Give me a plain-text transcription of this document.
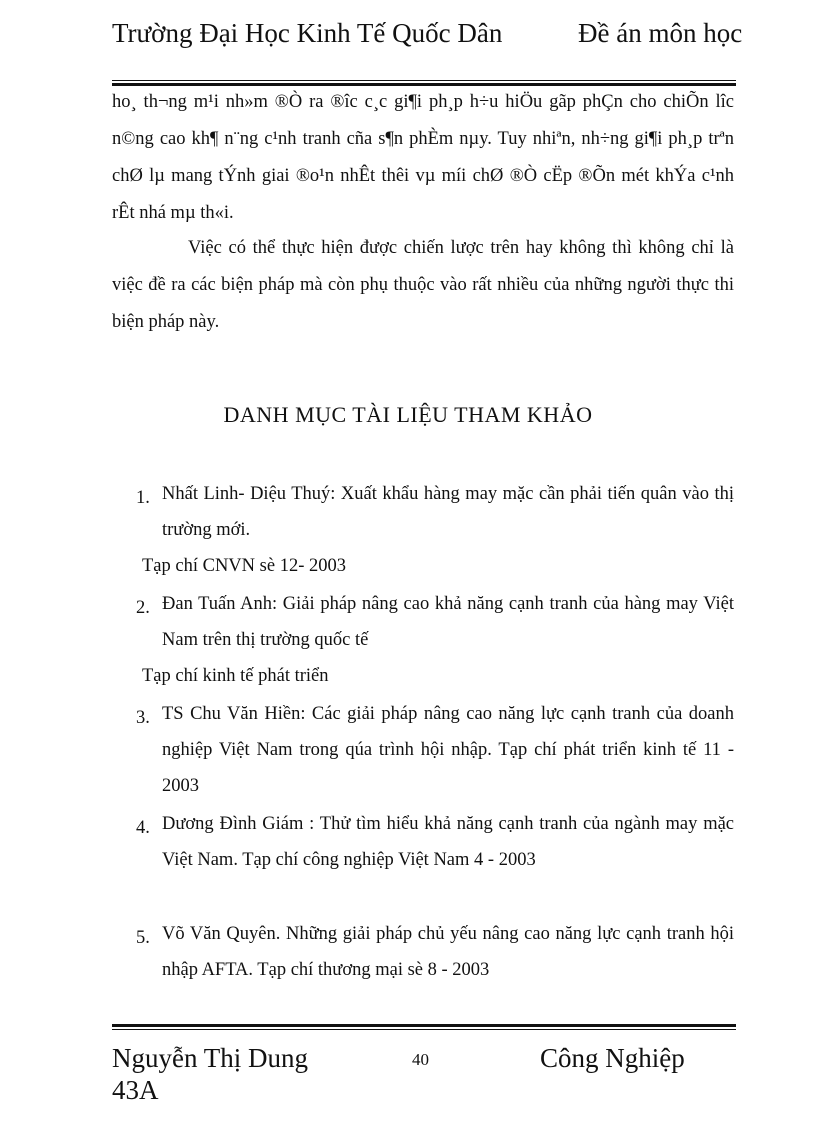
Trường Đại Học Kinh Tế Quốc Dân	Đề án môn học
ho¸ th¬ng m¹i nh»m ®Ò ra ®îc c¸c gi¶i ph¸p h÷u hiÖu gãp phÇn cho chiÕn lîc n©ng cao kh¶ n¨ng c¹nh tranh cña s¶n phÈm nµy. Tuy nhiªn, nh÷ng gi¶i ph¸p trªn chØ lµ mang tÝnh giai ®o¹n nhÊt thêi vµ míi chØ ®Ò cËp ®Õn mét khÝa c¹nh rÊt nhá mµ th«i.
Việc có thể thực hiện được chiến lược trên hay không thì không chỉ là việc đề ra các biện pháp mà còn phụ thuộc vào rất nhiều của những người thực thi biện pháp này.
DANH MỤC TÀI LIỆU THAM KHẢO
1. Nhất Linh- Diệu Thuý: Xuất khẩu hàng may mặc cần phải tiến quân vào thị trường mới.
Tạp chí CNVN sè 12- 2003
2. Đan Tuấn Anh: Giải pháp nâng cao khả năng cạnh tranh của hàng may Việt Nam trên thị trường quốc tế
Tạp chí kinh tế phát triển
3. TS Chu Văn Hiền: Các giải pháp nâng cao năng lực cạnh tranh của doanh nghiệp Việt Nam trong qúa trình hội nhập. Tạp chí phát triển kinh tế 11 - 2003
4. Dương Đình Giám : Thử tìm hiểu khả năng cạnh tranh của ngành may mặc Việt Nam. Tạp chí công nghiệp Việt Nam 4 - 2003
5. Võ Văn Quyên. Những giải pháp chủ yếu nâng cao năng lực cạnh tranh hội nhập AFTA. Tạp chí thương mại sè 8 - 2003
Nguyễn Thị Dung 43A
40	Công Nghiệp
